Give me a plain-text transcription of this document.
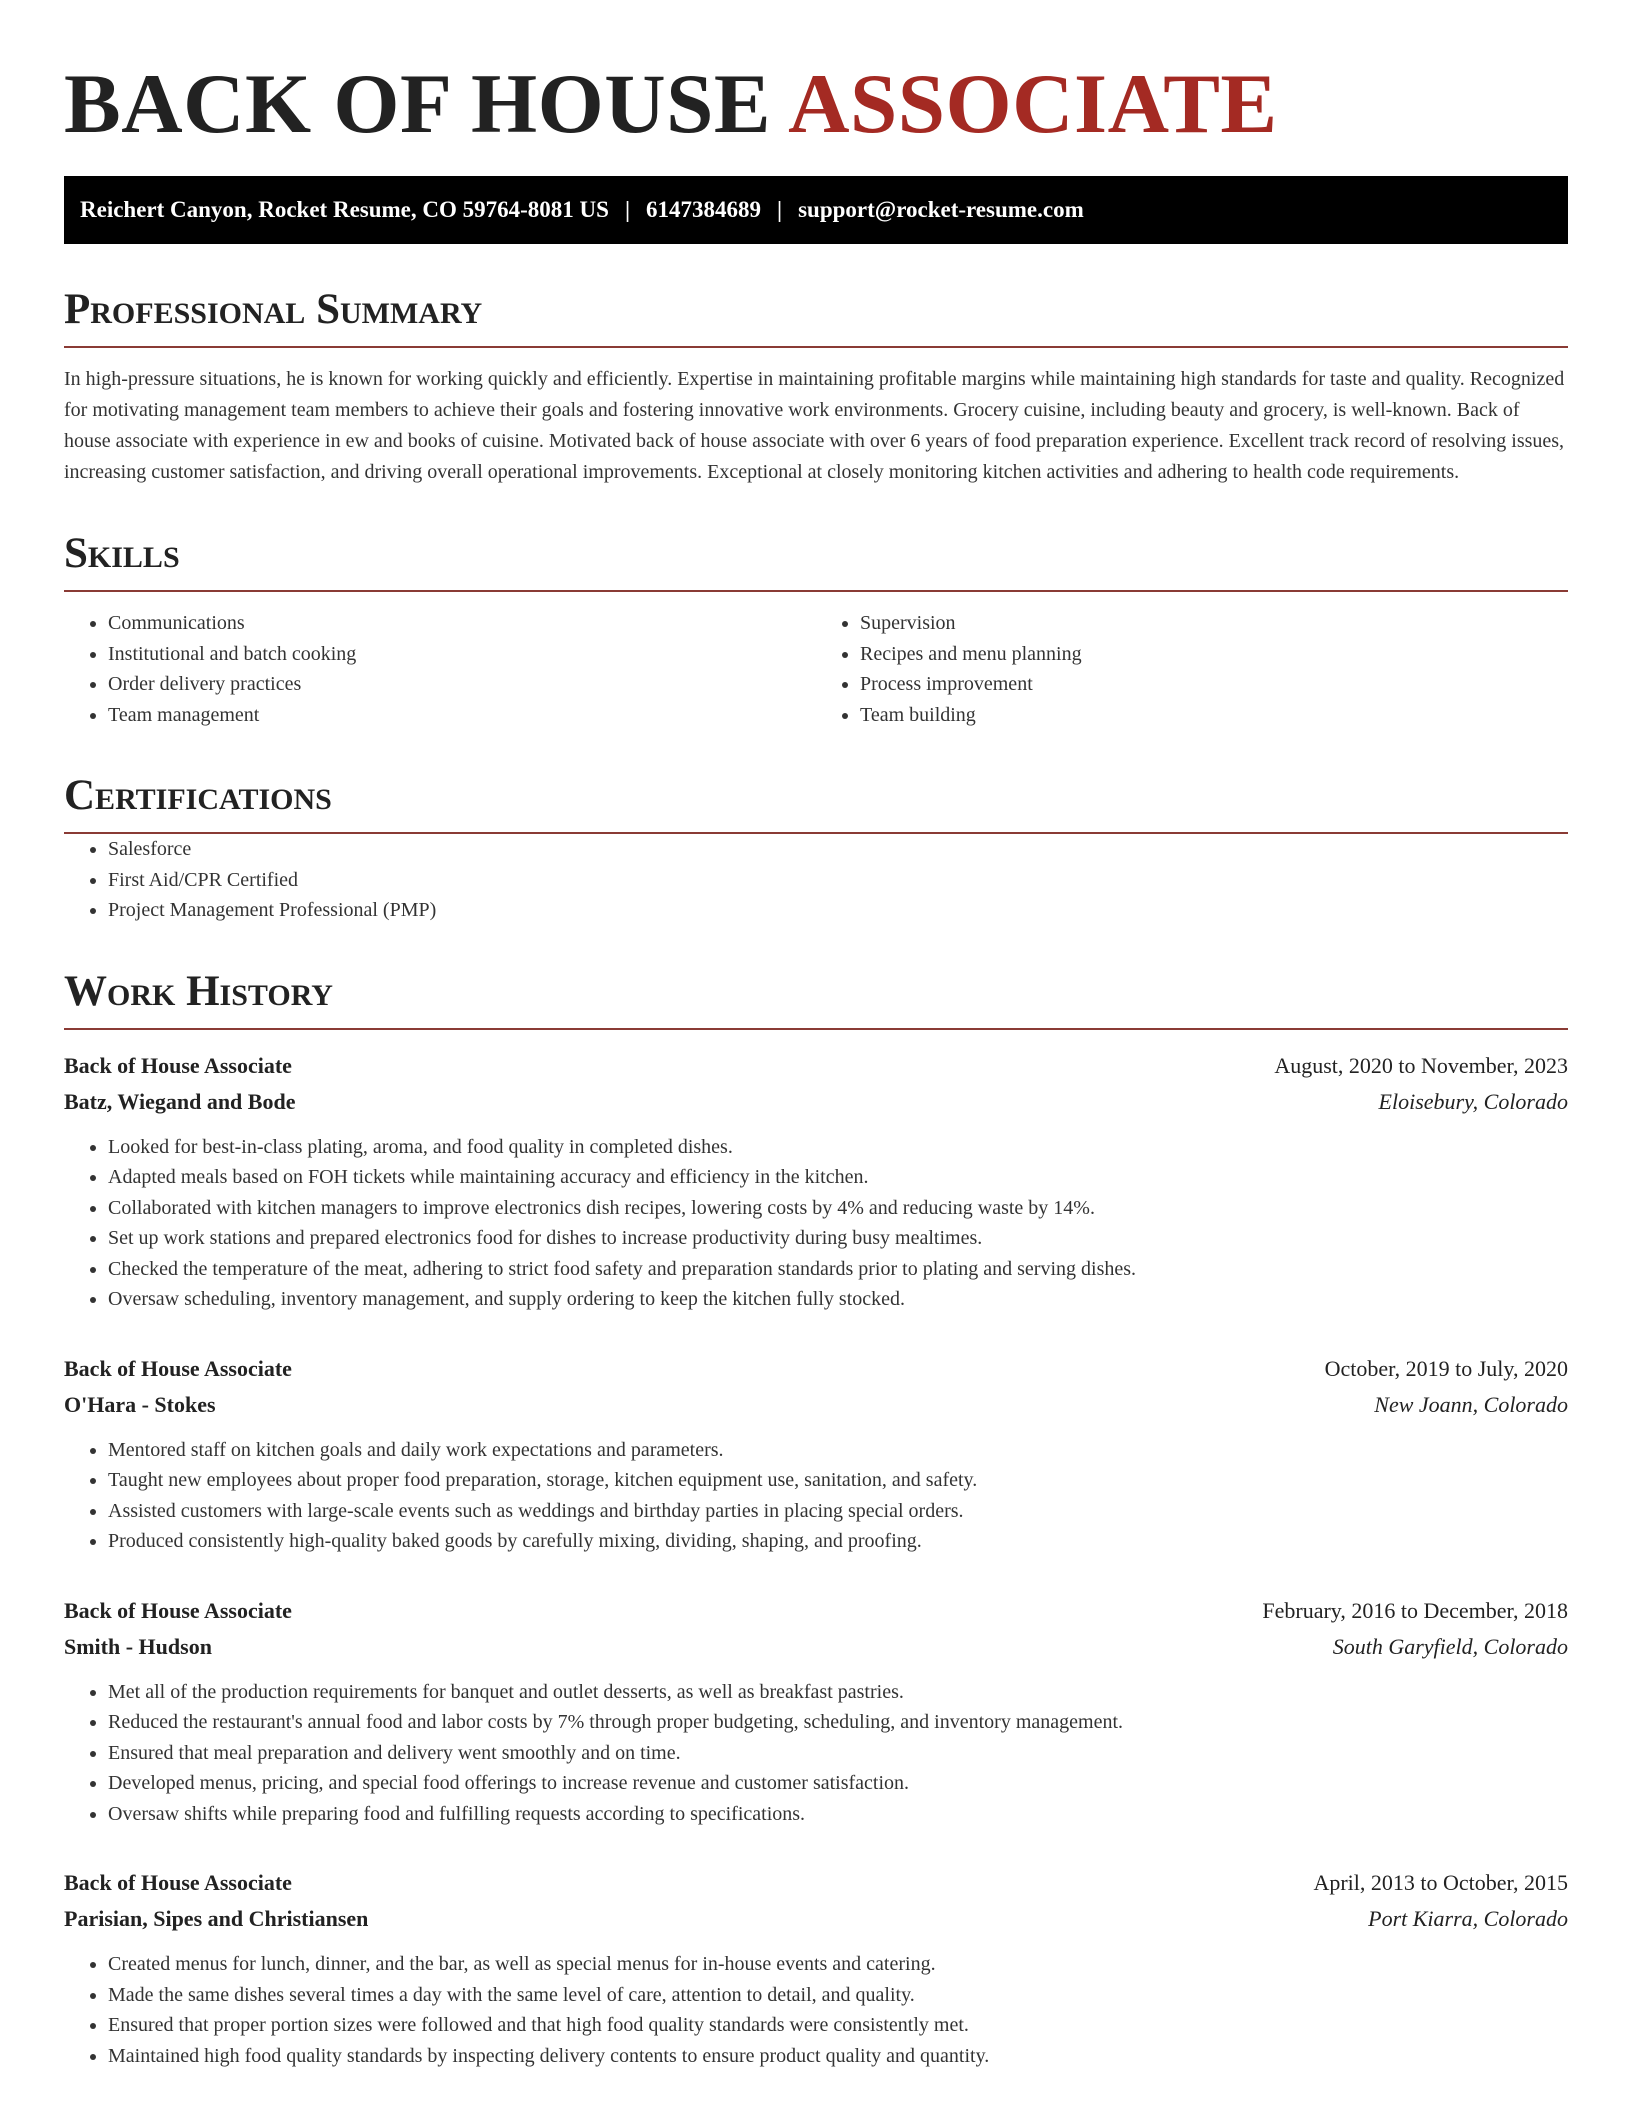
BACK OF HOUSE ASSOCIATE
Reichert Canyon, Rocket Resume, CO 59764-8081 US | 6147384689 | support@rocket-resume.com
Professional Summary

In high-pressure situations, he is known for working quickly and efficiently. Expertise in maintaining profitable margins while maintaining high standards for taste and quality. Recognized for motivating management team members to achieve their goals and fostering innovative work environments. Grocery cuisine, including beauty and grocery, is well-known. Back of house associate with experience in ew and books of cuisine. Motivated back of house associate with over 6 years of food preparation experience. Excellent track record of resolving issues, increasing customer satisfaction, and driving overall operational improvements. Exceptional at closely monitoring kitchen activities and adhering to health code requirements.

Skills
• Communications
• Institutional and batch cooking
• Order delivery practices
• Team management
• Supervision
• Recipes and menu planning
• Process improvement
• Team building
Certifications
• Salesforce
• First Aid/CPR Certified
• Project Management Professional (PMP)
Work History
Back of House Associate	August, 2020 to November, 2023
Batz, Wiegand and Bode	Eloisebury, Colorado
• Looked for best-in-class plating, aroma, and food quality in completed dishes.
• Adapted meals based on FOH tickets while maintaining accuracy and efficiency in the kitchen.
• Collaborated with kitchen managers to improve electronics dish recipes, lowering costs by 4% and reducing waste by 14%.
• Set up work stations and prepared electronics food for dishes to increase productivity during busy mealtimes.
• Checked the temperature of the meat, adhering to strict food safety and preparation standards prior to plating and serving dishes.
• Oversaw scheduling, inventory management, and supply ordering to keep the kitchen fully stocked.
Back of House Associate	October, 2019 to July, 2020
O'Hara - Stokes	New Joann, Colorado
• Mentored staff on kitchen goals and daily work expectations and parameters.
• Taught new employees about proper food preparation, storage, kitchen equipment use, sanitation, and safety.
• Assisted customers with large-scale events such as weddings and birthday parties in placing special orders.
• Produced consistently high-quality baked goods by carefully mixing, dividing, shaping, and proofing.
Back of House Associate	February, 2016 to December, 2018
Smith - Hudson	South Garyfield, Colorado
• Met all of the production requirements for banquet and outlet desserts, as well as breakfast pastries.
• Reduced the restaurant's annual food and labor costs by 7% through proper budgeting, scheduling, and inventory management.
• Ensured that meal preparation and delivery went smoothly and on time.
• Developed menus, pricing, and special food offerings to increase revenue and customer satisfaction.
• Oversaw shifts while preparing food and fulfilling requests according to specifications.
Back of House Associate	April, 2013 to October, 2015
Parisian, Sipes and Christiansen	Port Kiarra, Colorado
• Created menus for lunch, dinner, and the bar, as well as special menus for in-house events and catering.
• Made the same dishes several times a day with the same level of care, attention to detail, and quality.
• Ensured that proper portion sizes were followed and that high food quality standards were consistently met.
• Maintained high food quality standards by inspecting delivery contents to ensure product quality and quantity.
